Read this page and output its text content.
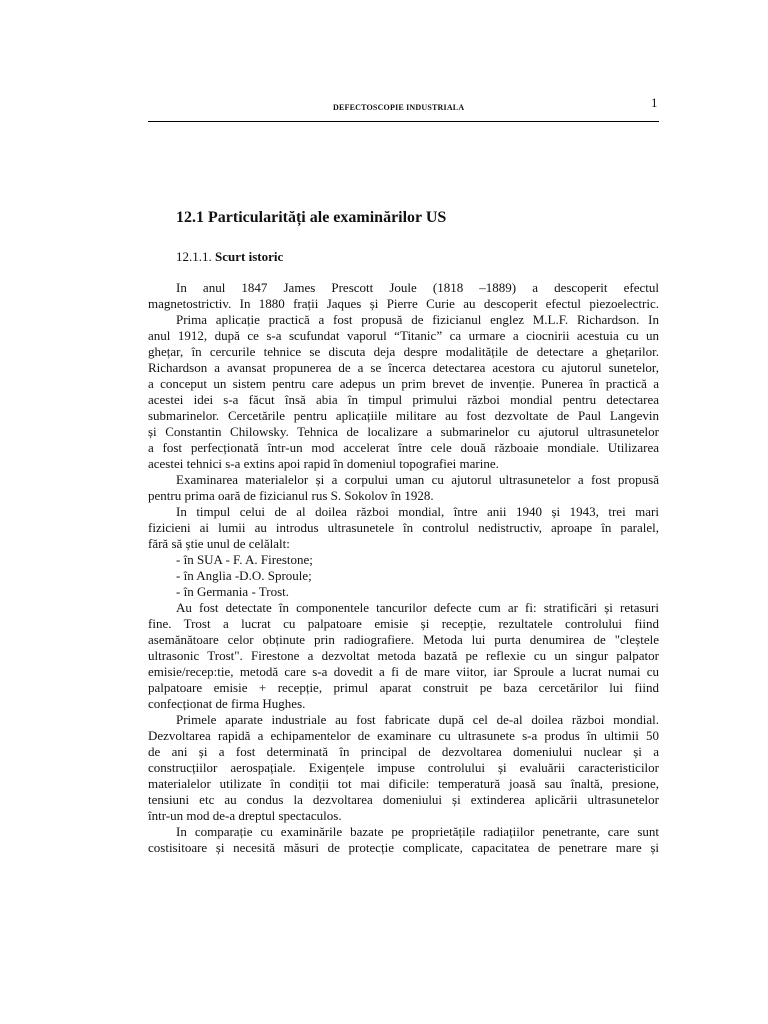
DEFECTOSCOPIE INDUSTRIALA	1
12.1 Particularități ale examinărilor US
12.1.1. Scurt istoric
In anul 1847 James Prescott Joule (1818 –1889) a descoperit efectul
magnetostrictiv. In 1880 frații Jaques și Pierre Curie au descoperit efectul piezoelectric.
Prima aplicație practică a fost propusă de fizicianul englez M.L.F. Richardson. In
anul 1912, după ce s-a scufundat vaporul “Titanic” ca urmare a ciocnirii acestuia cu un
ghețar, în cercurile tehnice se discuta deja despre modalitățile de detectare a ghețarilor.
Richardson a avansat propunerea de a se încerca detectarea acestora cu ajutorul sunetelor,
a conceput un sistem pentru care adepus un prim brevet de invenție. Punerea în practică a
acestei idei s-a făcut însă abia în timpul primului război mondial pentru detectarea
submarinelor. Cercetările pentru aplicațiile militare au fost dezvoltate de Paul Langevin
și Constantin Chilowsky. Tehnica de localizare a submarinelor cu ajutorul ultrasunetelor
a fost perfecționată într-un mod accelerat între cele două războaie mondiale. Utilizarea
acestei tehnici s-a extins apoi rapid în domeniul topografiei marine.
Examinarea materialelor și a corpului uman cu ajutorul ultrasunetelor a fost propusă
pentru prima oară de fizicianul rus S. Sokolov în 1928.
In timpul celui de al doilea război mondial, între anii 1940 și 1943, trei mari
fizicieni ai lumii au introdus ultrasunetele în controlul nedistructiv, aproape în paralel,
fără să știe unul de celălalt:
- în SUA - F. A. Firestone;
- în Anglia -D.O. Sproule;
- în Germania - Trost.
Au fost detectate în componentele tancurilor defecte cum ar fi: stratificări și retasuri
fine. Trost a lucrat cu palpatoare emisie și recepție, rezultatele controlului fiind
asemănătoare celor obținute prin radiografiere. Metoda lui purta denumirea de "cleștele
ultrasonic Trost". Firestone a dezvoltat metoda bazată pe reflexie cu un singur palpator
emisie/recep:tie, metodă care s-a dovedit a fi de mare viitor, iar Sproule a lucrat numai cu
palpatoare emisie + recepție, primul aparat construit pe baza cercetărilor lui fiind
confecționat de firma Hughes.
Primele aparate industriale au fost fabricate după cel de-al doilea război mondial.
Dezvoltarea rapidă a echipamentelor de examinare cu ultrasunete s-a produs în ultimii 50
de ani și a fost determinată în principal de dezvoltarea domeniului nuclear și a
construcțiilor aerospațiale. Exigențele impuse controlului și evaluării caracteristicilor
materialelor utilizate în condiții tot mai dificile: temperatură joasă sau înaltă, presione,
tensiuni etc au condus la dezvoltarea domeniului și extinderea aplicării ultrasunetelor
într-un mod de-a dreptul spectaculos.
In comparație cu examinările bazate pe proprietățile radiațiilor penetrante, care sunt
costisitoare și necesită măsuri de protecție complicate, capacitatea de penetrare mare și
